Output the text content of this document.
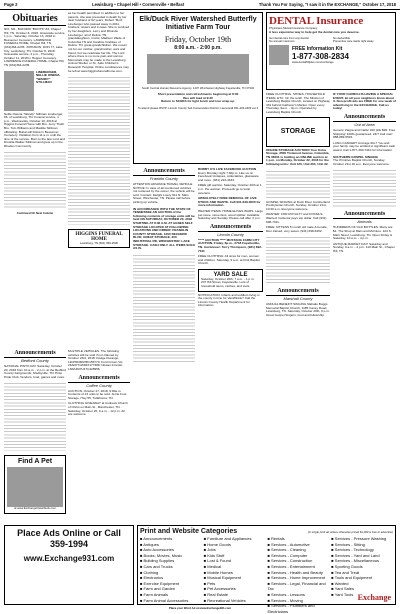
Page 2	Lewisburg • Chapel Hill • Cornersville • Belfast	Thank You For Saying, "I saw it in the EXCHANGE," October 17, 2018
Obituaries
NIX, SR., BUFORD "BOOTS" 83, Chapel Hill, TN, October 8, 2018. Graveside service, 1 p.m., Saturday, October 13, 2018 in Bessemer Cemetery. LAWRENCE FUNERAL HOME, Chapel Hill, TN, (931)364-2235. JOHNSON, DON 77, Lake City, Lewisburg, TN. October 8, 2018. Graveside service, 2 p.m., Thursday, October 11, 2018 in Hopper Cemetery. LAWRENCE FUNERAL HOME, Chapel Hill, TN (931)364-2235.
LINEBERGER, NELLIE OWENA "WANDY" STILLMAN
Nellie Owena "Wandy" Stillman Lineberger, 96, of Lewisburg, TN. Funeral service, 1 p.m., Wednesday, October 10, 2018 at Higgins Funeral Home with Bro. Jerry Thoth. Bro. Tom Williams and Maddie Stillman officiating. Burial will follow in Bessemer Cemetery. Visitation from 11 a.m. until the time of the service. Born to the late Lord and Drusilla Walker Stillman and grew up in the Rhodes Community.
Continued On Next Column
as her health permitted. In addition to her parents, she was preceded in death by her dear husband of 62 years, Robert "Bud" Lineberger who passed away in 2011, brothers, sisters and in-laws. She is survived by her daughters, Lerry and Rhonda Lineberger, all of Delina, TN, granddaughters, Curtis, Madison Wade of Columbia TN and Candice Crabtree of Delina. TN, great-grandchildren. We mourn not for our mother, grandmother, aunt and friend, but we celebrate her life. The Lord where there is no more pain and sorrow. Memorials may be made to the Lewisburg Animal Shelter or St. Jude Children's Research Hospital. Online condolences may be left at www.higginsfuneralhome.com.
HIGGINS FUNERAL HOME
Lewisburg, TN (931) 359-2500
Elk/Duck River Watershed Butterfly Initiative Farm Tour
Friday, October 19th
8:00 a.m. - 2:00 p.m.
South Central Human Resource Agency, 1437 Winchester Highway Fayetteville, TN 37334
Short presentation and refreshments beginning at 8:30
Bus will load at 9:30
Return to SCHRA for light lunch and tour wrap up.
To attend please RSVP: Lincoln County Soil Conservation District: Laura Hall 931-433-2403 ext 3
Announcements
Bedford County
NATIONAL PINTO DAY Saturday, October 20, 2018 from 10 a.m. - 2 p.m. at the Bedford County Fairgrounds, Shelbyville, TN. Pinto Pride Club. Vendors, food, games and more.
Find A Pet
at www.ExchangeClassifieds.com
MULTIPLE VEHICLES. The following vehicles will be sold if not claimed by October 23rd, 2018: Dodge Durango, 1D4HD38N78F155770; Ford Crown Vic, 2FAFP71W92X177388; Nissan Frontier, 1N6AD07U47C428956.
Announcements
Coffee County
AUCTION, October 27, 2018, 9:00a.m. Contents of 13 units to be sold. Jerrie Foot Storage, Hwy 55, Tullahoma, TN.
CLOTHING GIVEAWAY at Andrews Church of Christ on Main St., Manchester, TN. Saturday, October 20, 9 a.m. - 12 p.m. All are welcome.
Announcements
Franklin County
ATTENTION ADVANCE TRAVEL VEHICLE NOTICE: In case of all mentioned vehicles not retrieved by the owner, the vehicle will be sold. Contact: Dwight Lowry 611 N. Main Street, Winchester, TN. Please call before picking up vehicle.
IN ACCORDANCE WITH THE STATE OF TENNESSEE AN AUCTION of the following contents of storage units will be held ON SATURDAY, OCTOBER 20, 2018 STARTING AT 8:30 A.M. AT AGNES SELF STORAGE LOCATED AT FOLLOWING: LOCATIONS AND ORDER: FRANKLIN COUNTY STORAGE, 1200 DECHERD BLVD; GREAT STORAGE, 200 INDUSTRIAL RD, WINCHESTER; LAKE STORAGE. CASH ONLY. ALL ITEMS SOLD AS IS.
BOBBY G'S LIVE FACEBOOK AUCTION
Every Monday night 7:30p.m. Like us on Facebook! Antiques, collectables, glassware and more. (931) 224-4433.
FREE gift auction: Saturday, October 20th at 1 p.m. Pie auction. Proceeds go to local veterans.
ABSOLUTELY FREE REMOVAL OF LIVE STOCK AND WASTE. Call 931-639-0000 for more information.
HEATER ITEMS: HOME ELIVES WARS. Large pet stove, stove fans, wood splitter. Available Saturday and Sunday. Please call after 4 p.m.
Announcements
Lincoln County
***** AUCTION ***** MUSTANG FARM CITY AUCTION, Friday, 6p.m., 2718 Fayetteville, TN. Auctioneer: Terry Thompson, (931) 692-7311
FREE CLOTHING: All sizes for men, women and children. Saturday, 9 a.m. at First Baptist Church.
YARD SALE
Saturday, October 20th, 7 a.m. - 1 p.m. 207 Hill Street, Fayetteville. Lots of household items, clothes, and tools.
NOTIFICATION. Infants and toddlers living in the county in time for VanWinkle? Call the Lincoln County Health Department for information.
DENTAL Insurance
Physicians Mutual Insurance Company
A less expensive way to help get the dental care you deserve.
Get dental care from any dentist
No annual maximum
No deductible
Preventive care starts right away
FREE Information Kit
1-877-308-2834
www.dental50plus.com/exchange
FREE CLOTHING, SHOES, HOUSEHOLD ITEMS, ETC. On the tenth. The Mission of Lewisburg Baptist Church, located on Highway 431 behind Gatherer's Market. Open every Thursday, 9a.m. - 3p.m. Operated by Lewisburg Baptist Church.
STORAGE
ONLINE STORAGE AUCTION! Your Extra Storage, 3500 Trotwood Avenue, Columbia, TN 38401 is holding an ONLINE auction at 1 p.m. on Monday, October 22, 2018 for the following units: Unit 120, Unit 264, Unit 32.
GOSPEL SINGING at Duck River Cumberland Presbyterian Church, Sunday, October 21st, 10:30 a.m. Everyone welcome.
WANTED: FOR ROYALTY and FOSSILS: Wanted: Collector pays top dollar. Call (931) 698-7311.
FREE: KITTENS 5 month old male & female, litter trained, very sweet. (931) 698-6452.
Announcements
Marshall County
ANNUAL BENEFIT SINGING Mahalie Boggs Memorial Baptist Church, 1185 Caney Road, Lewisburg, TN. Saturday, October 20th, 6 p.m. Great Gospel Singers, food and fellowship.
IF YOUR CHURCH IS HAVING A SPECIAL EVENT, let all your neighbors know about it. Non-profit ads are FREE for one week of advertising in the EXCHANGE. Call us today!
Announcements
Out of Area
Generic Viagra and Cialis! 100 pills $99. Free Shipping! 100% guaranteed. 24/7 Call now! 888-889-5515.
LUNG CANCER? And age 60+? You and your family may be entitled to significant cash award. Call 1-877-390-7410 for information.
SOUTHERN GOSPEL SINGING
The Primitive Baptist Church, Sunday, October 21st 10 a.m. Everyone welcome.
Announcements
Animals
HUNDREDS OF OLD BOTTLES. Many are $1. The Shop at Main and McClure. 104 S. Main Street, Lewisburg, TN. Open Friday & Saturday, 10 a.m. - 4 p.m.
ANTIQUE MARKET DAY! Saturday and Sunday, 9 a.m. - 4 p.m. 110 Main St., Chapel Hill, TN.
Place Ads Online or Call 359-1994
www.Exchange931.com
Print and Website Categories	(in single print ad unless otherwise priced $1,000 is free to advertise)
■ Announcements
■ Antiques
■ Auto Accessories
■ Books, Movies, Music
■ Building Supplies
■ Cars and Trucks
■ Clothing
■ Electronics
■ Exercise Equipment
■ Farm and Garden
■ Farm Animals
■ Farm Animal Accessories
■ Furniture and Appliances
■ Home Goods
■ Jobs
■ Kids Stuff
■ Lost & Found
■ Medical
■ Mobile Homes
■ Musical Equipment
■ Pets
■ Pet Accessories
■ Real Estate
■ Recreational Vehicles
■ Rentals
■ Services - Automotive
■ Services - Cleaning
■ Services - Computer
■ Services - Construction
■ Services - Entertainment
■ Services - Health and Beauty
■ Services - Home Improvement
■ Services - Legal, Financial and Tax
■ Services - Lessons
■ Services - Moving
■ Services - Plumbers and Electricians
■ Services - Pressure Washing
■ Services - Sitting
■ Services - Technology
■ Services - Yard and Land
■ Services - Miscellaneous
■ Sporting Goods
■ Tea and Treat
■ Tools and Equipment
■ Wanted
■ Yard Sales
■ Yard Tools Exchange
Place your Word Ad at www.Exchange931.com
